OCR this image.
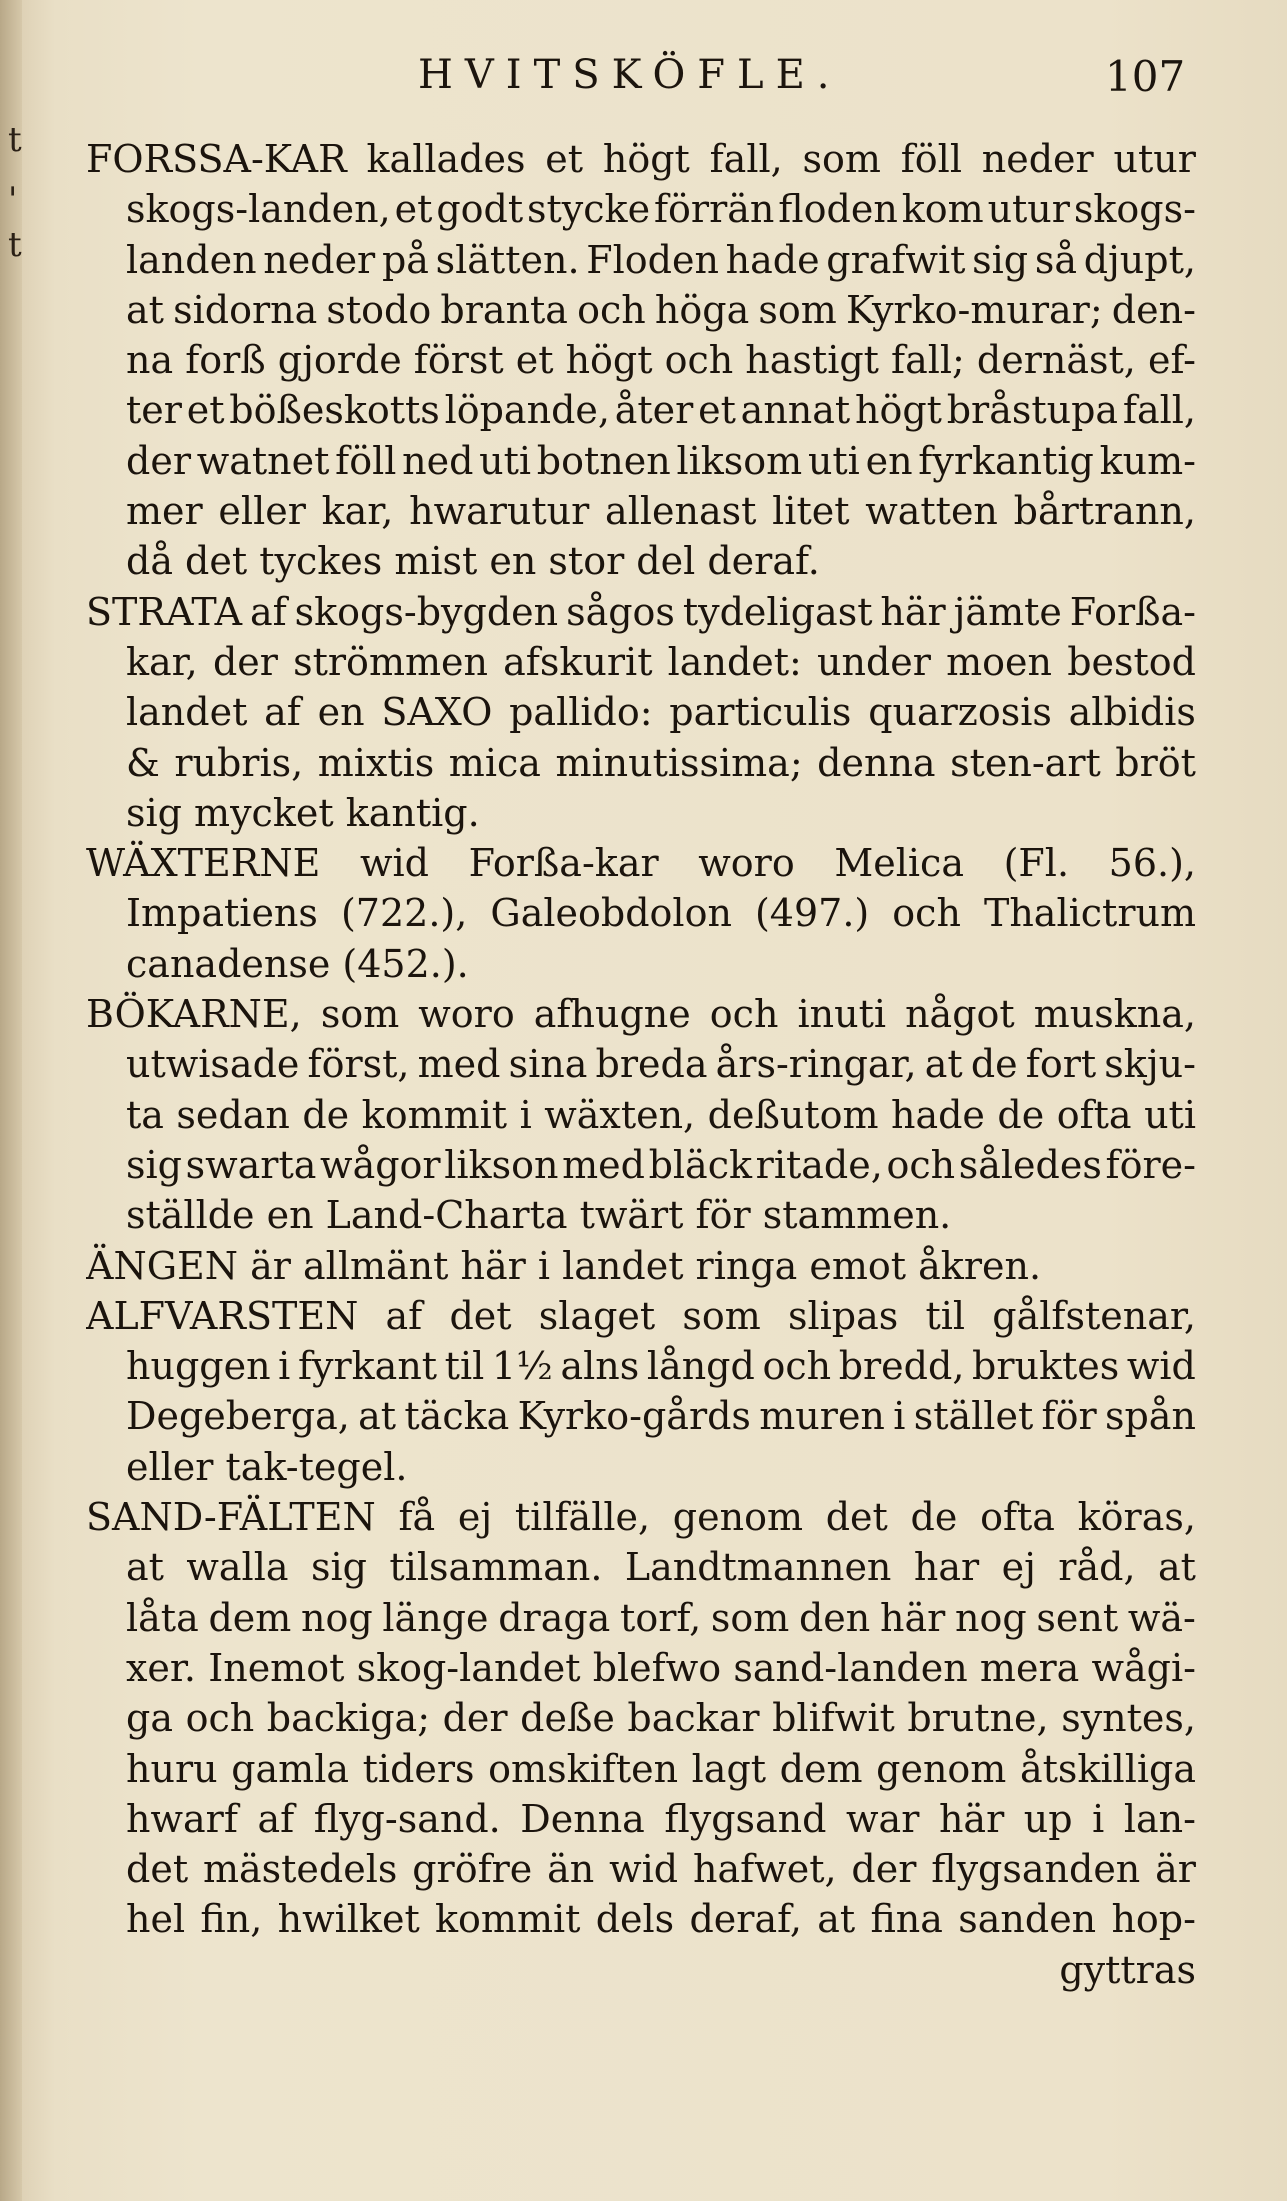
t
'
t
HVITSKÖFLE.	107
FORSSA-KAR kallades et högt fall, som föll neder utur
skogs-landen, et godt stycke förrän floden kom utur skogs-
landen neder på slätten. Floden hade grafwit sig så djupt,
at sidorna stodo branta och höga som Kyrko-murar; den-
na forß gjorde först et högt och hastigt fall; dernäst, ef-
ter et bößeskotts löpande, åter et annat högt bråstupa fall,
der watnet föll ned uti botnen liksom uti en fyrkantig kum-
mer eller kar, hwarutur allenast litet watten bårtrann,
då det tyckes mist en stor del deraf.
STRATA af skogs-bygden sågos tydeligast här jämte Forßa-
kar, der strömmen afskurit landet: under moen bestod
landet af en SAXO pallido: particulis quarzosis albidis
& rubris, mixtis mica minutissima; denna sten-art bröt
sig mycket kantig.
WÄXTERNE wid Forßa-kar woro Melica (Fl. 56.),
Impatiens (722.), Galeobdolon (497.) och Thalictrum
canadense (452.).
BÖKARNE, som woro afhugne och inuti något muskna,
utwisade först, med sina breda års-ringar, at de fort skju-
ta sedan de kommit i wäxten, deßutom hade de ofta uti
sig swarta wågor likson med bläck ritade, och således före-
ställde en Land-Charta twärt för stammen.
ÄNGEN är allmänt här i landet ringa emot åkren.
ALFVARSTEN af det slaget som slipas til gålfstenar,
huggen i fyrkant til 1½ alns långd och bredd, bruktes wid
Degeberga, at täcka Kyrko-gårds muren i stället för spån
eller tak-tegel.
SAND-FÄLTEN få ej tilfälle, genom det de ofta köras,
at walla sig tilsamman. Landtmannen har ej råd, at
låta dem nog länge draga torf, som den här nog sent wä-
xer. Inemot skog-landet blefwo sand-landen mera wågi-
ga och backiga; der deße backar blifwit brutne, syntes,
huru gamla tiders omskiften lagt dem genom åtskilliga
hwarf af flyg-sand. Denna flygsand war här up i lan-
det mästedels gröfre än wid hafwet, der flygsanden är
hel fin, hwilket kommit dels deraf, at fina sanden hop-
gyttras
